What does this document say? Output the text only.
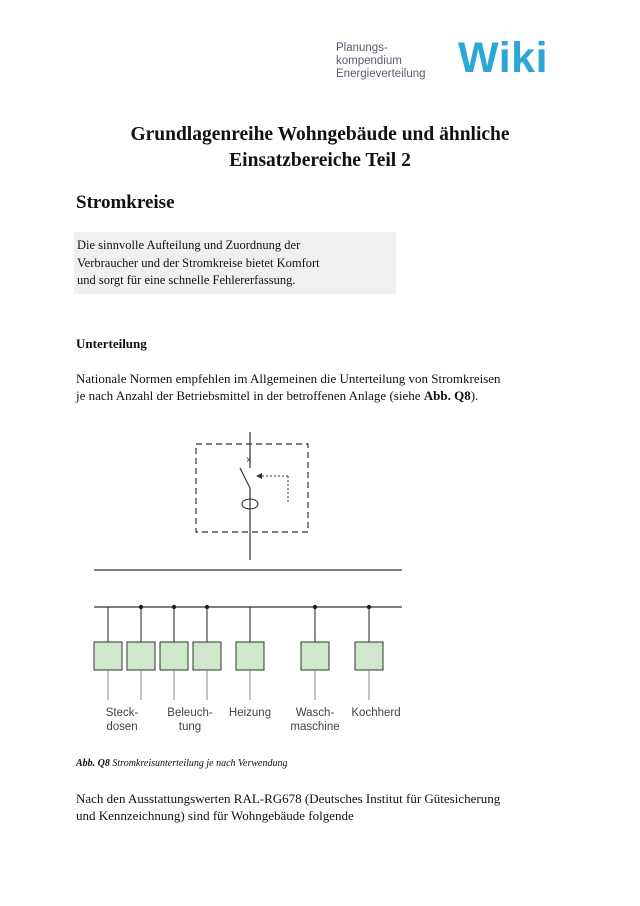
Planungs-
kompendium
Energieverteilung Wiki
Grundlagenreihe Wohngebäude und ähnliche
Einsatzbereiche Teil 2
Stromkreise

Die sinnvolle Aufteilung und Zuordnung der
Verbraucher und der Stromkreise bietet Komfort
und sorgt für eine schnelle Fehlererfassung.

Unterteilung

Nationale Normen empfehlen im Allgemeinen die Unterteilung von Stromkreisen
je nach Anzahl der Betriebsmittel in der betroffenen Anlage (siehe Abb. Q8).

×
Steck-
dosen
Beleuch-
tung
Heizung Wasch-
maschine
Kochherd

Abb. Q8 Stromkreisunterteilung je nach Verwendung

Nach den Ausstattungswerten RAL-RG678 (Deutsches Institut für Gütesicherung
und Kennzeichnung) sind für Wohngebäude folgende
